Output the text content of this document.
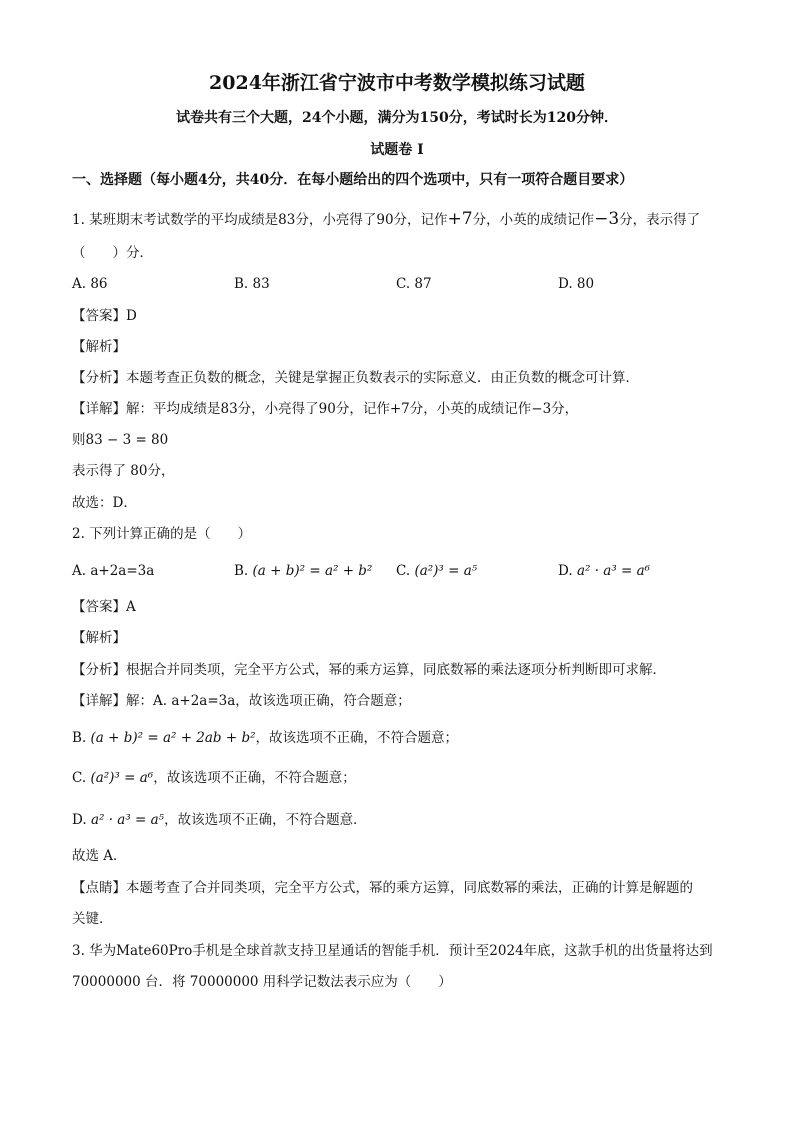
2024年浙江省宁波市中考数学模拟练习试题
试卷共有三个大题，24个小题，满分为150分，考试时长为120分钟．
试题卷 I
一、选择题（每小题4分，共40分．在每小题给出的四个选项中，只有一项符合题目要求）
1. 某班期末考试数学的平均成绩是83分，小亮得了90分，记作+7分，小英的成绩记作−3分，表示得了
（　　）分．
A. 86	B. 83	C. 87	D. 80
【答案】D
【解析】
【分析】本题考查正负数的概念，关键是掌握正负数表示的实际意义．由正负数的概念可计算．
【详解】解：平均成绩是83分，小亮得了90分，记作+7分，小英的成绩记作−3分，
则83 − 3 = 80
表示得了 80分，
故选：D．
2. 下列计算正确的是（　　）
A. a+2a=3a	B. (a + b)² = a² + b² C. (a²)³ = a⁵	D. a² · a³ = a⁶
【答案】A
【解析】
【分析】根据合并同类项，完全平方公式，幂的乘方运算，同底数幂的乘法逐项分析判断即可求解．
【详解】解：A. a+2a=3a，故该选项正确，符合题意；
B. (a + b)² = a² + 2ab + b²，故该选项不正确，不符合题意；
C. (a²)³ = a⁶，故该选项不正确，不符合题意；
D. a² · a³ = a⁵，故该选项不正确，不符合题意．
故选 A．
【点睛】本题考查了合并同类项，完全平方公式，幂的乘方运算，同底数幂的乘法，正确的计算是解题的
关键．
3. 华为Mate60Pro手机是全球首款支持卫星通话的智能手机．预计至2024年底，这款手机的出货量将达到
70000000 台．将 70000000 用科学记数法表示应为（　　）
